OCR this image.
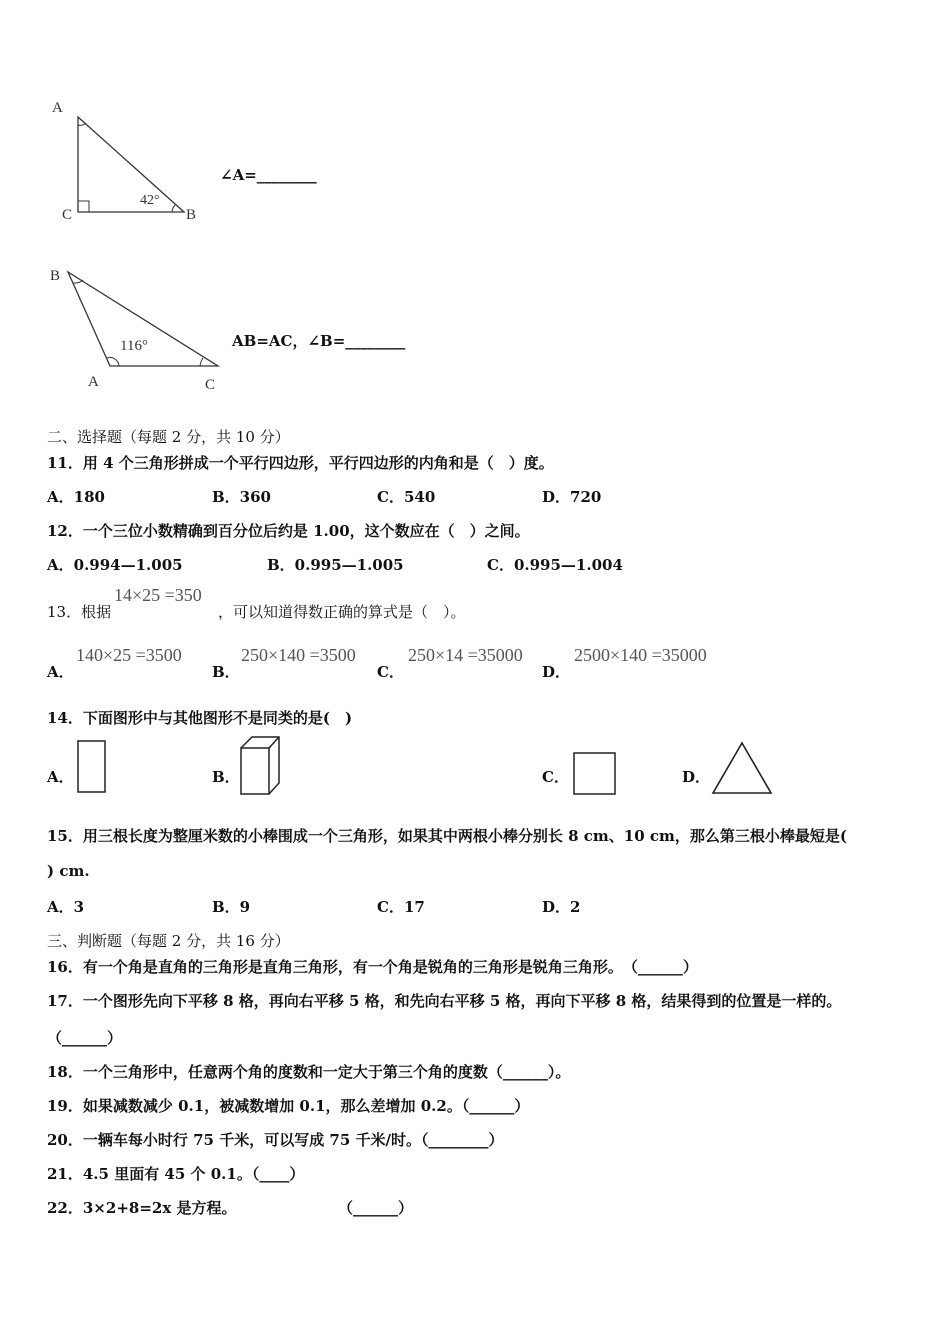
A
C	B
42°
∠A=________
B
A	C
116°	AB=AC，∠B=________
二、选择题（每题 2 分，共 10 分）
11．用 4 个三角形拼成一个平行四边形，平行四边形的内角和是（　）度。
A．180	B．360	C．540	D．720
12．一个三位小数精确到百分位后约是 1.00，这个数应在（　）之间。
A．0.994—1.005	B．0.995—1.005	C．0.995—1.004
13．根据
14×25 =350
，可以知道得数正确的算式是（　）。
A．
140×25 =3500
B．
250×140 =3500
C．
250×14 =35000
D．
2500×140 =35000
14．下面图形中与其他图形不是同类的是(　)
A．	B．	C．	D．
15．用三根长度为整厘米数的小棒围成一个三角形，如果其中两根小棒分别长 8 cm、10 cm，那么第三根小棒最短是(
) cm.
A．3	B．9	C．17	D．2
三、判断题（每题 2 分，共 16 分）
16．有一个角是直角的三角形是直角三角形，有一个角是锐角的三角形是锐角三角形。　（______）
17．一个图形先向下平移 8 格，再向右平移 5 格，和先向右平移 5 格，再向下平移 8 格，结果得到的位置是一样的。
（______）
18．一个三角形中，任意两个角的度数和一定大于第三个角的度数（______）。
19．如果减数减少 0.1，被减数增加 0.1，那么差增加 0.2。（______）
20．一辆车每小时行 75 千米，可以写成 75 千米/时。（________）
21．4.5 里面有 45 个 0.1。（____）
22．3×2+8=2x 是方程。	（______）
